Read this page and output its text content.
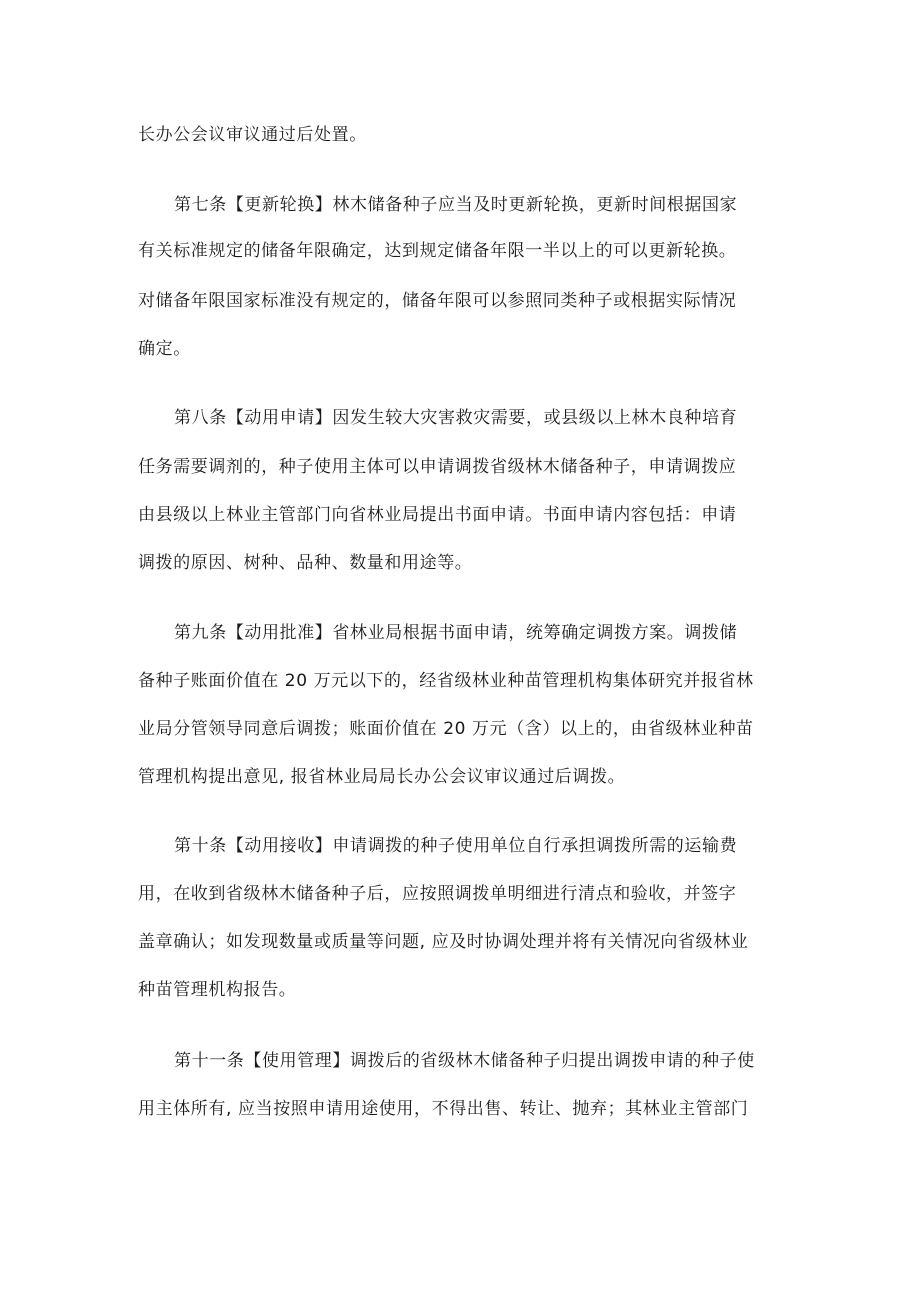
长办公会议审议通过后处置。

第七条【更新轮换】林木储备种子应当及时更新轮换，更新时间根据国家

有关标准规定的储备年限确定，达到规定储备年限一半以上的可以更新轮换。

对储备年限国家标准没有规定的，储备年限可以参照同类种子或根据实际情况

确定。

第八条【动用申请】因发生较大灾害救灾需要，或县级以上林木良种培育

任务需要调剂的，种子使用主体可以申请调拨省级林木储备种子，申请调拨应

由县级以上林业主管部门向省林业局提出书面申请。书面申请内容包括：申请

调拨的原因、树种、品种、数量和用途等。

第九条【动用批准】省林业局根据书面申请，统筹确定调拨方案。调拨储

备种子账面价值在 20 万元以下的，经省级林业种苗管理机构集体研究并报省林

业局分管领导同意后调拨；账面价值在 20 万元（含）以上的，由省级林业种苗

管理机构提出意见, 报省林业局局长办公会议审议通过后调拨。

第十条【动用接收】申请调拨的种子使用单位自行承担调拨所需的运输费

用，在收到省级林木储备种子后，应按照调拨单明细进行清点和验收，并签字

盖章确认；如发现数量或质量等问题, 应及时协调处理并将有关情况向省级林业

种苗管理机构报告。

第十一条【使用管理】调拨后的省级林木储备种子归提出调拨申请的种子使

用主体所有, 应当按照申请用途使用，不得出售、转让、抛弃；其林业主管部门
